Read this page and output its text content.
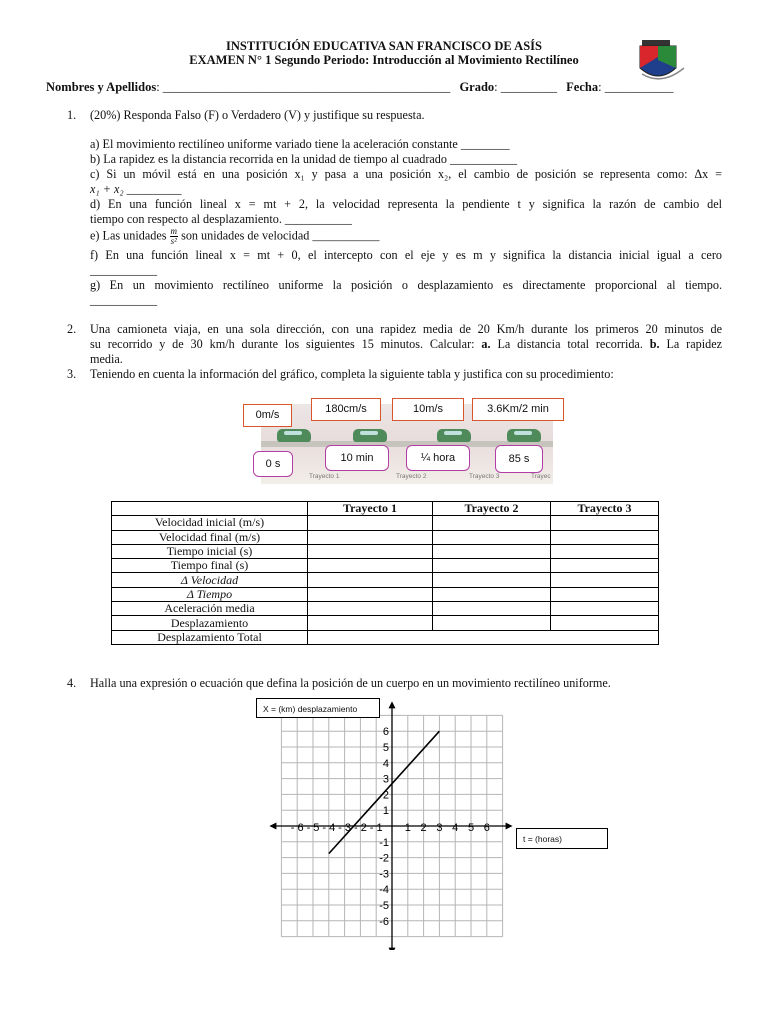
INSTITUCIÓN EDUCATIVA SAN FRANCISCO DE ASÍS
EXAMEN N° 1 Segundo Periodo: Introducción al Movimiento Rectilíneo
Nombres y Apellidos: ______________________________________________ Grado: _________ Fecha: ___________
1. (20%) Responda Falso (F) o Verdadero (V) y justifique su respuesta.
a) El movimiento rectilíneo uniforme variado tiene la aceleración constante ________
b) La rapidez es la distancia recorrida en la unidad de tiempo al cuadrado ___________
c) Si un móvil está en una posición x₁ y pasa a una posición x₂, el cambio de posición se representa como: Δx =
x₁ + x₂ _________
d) En una función lineal x = mt + 2, la velocidad representa la pendiente t y significa la razón de cambio del
tiempo con respecto al desplazamiento. ___________
e) Las unidades $\frac{m}{\text{s²}}$ son unidades de velocidad ___________
f) En una función lineal x = mt + 0, el intercepto con el eje y es m y significa la distancia inicial igual a cero
___________
g) En un movimiento rectilíneo uniforme la posición o desplazamiento es directamente proporcional al tiempo.
___________
2. Una camioneta viaja, en una sola dirección, con una rapidez media de 20 Km/h durante los primeros 20 minutos de
su recorrido y de 30 km/h durante los siguientes 15 minutos. Calcular: a. La distancia total recorrida. b. La rapidez
media.
3. Teniendo en cuenta la información del gráfico, completa la siguiente tabla y justifica con su procedimiento:
Trayecto 1	Trayecto 2	Trayecto 3	Trayec
0m/s	180cm/s	10m/s	3.6Km/2 min
0 s	10 min	¼ hora	85 s
	Trayecto 1	Trayecto 2	Trayecto 3
Velocidad inicial (m/s)			
Velocidad final (m/s)			
Tiempo inicial (s)			
Tiempo final (s)			
Δ Velocidad			
Δ Tiempo			
Aceleración media			
Desplazamiento			
Desplazamiento Total			
4. Halla una expresión o ecuación que defina la posición de un cuerpo en un movimiento rectilíneo uniforme.
- 6 - 5 - 4 - 3 - 2 - 1 1 2 3 4 5 6
6
5
4
3
2
1
-1
-2
-3
-4
-5
-6
X = (km) desplazamiento
t = (horas)
